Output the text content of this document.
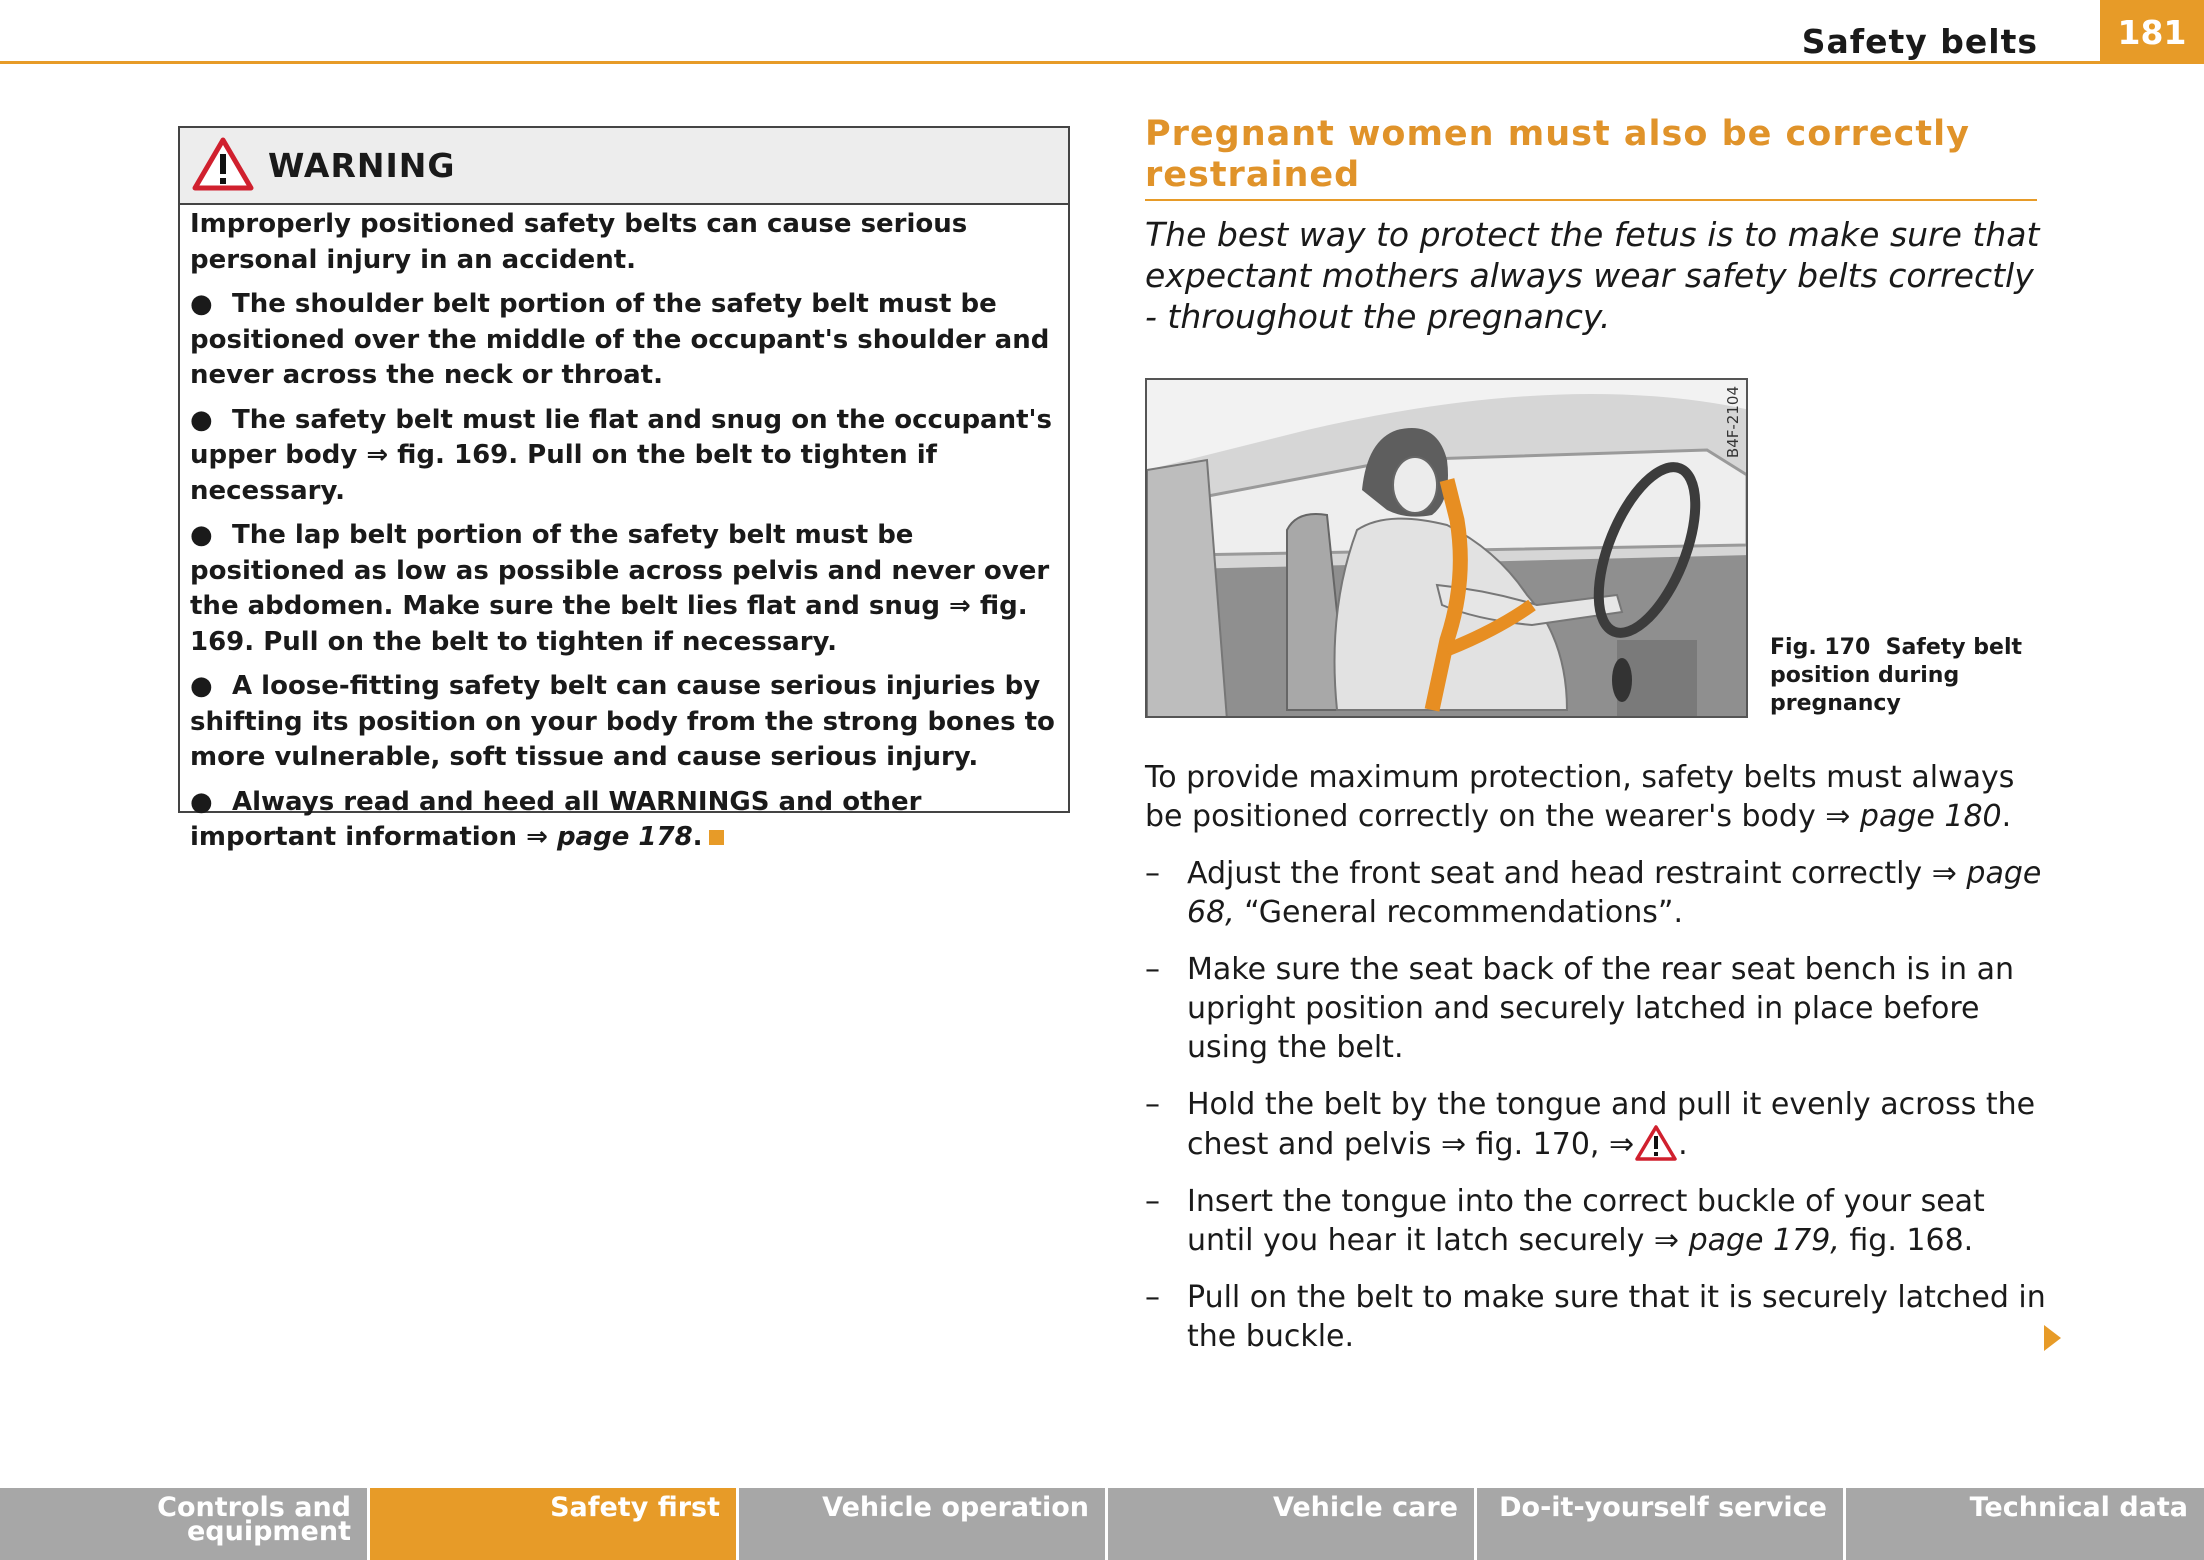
Safety belts	181
WARNING

Improperly positioned safety belts can cause serious personal injury in an accident.

● The shoulder belt portion of the safety belt must be positioned over the middle of the occupant's shoulder and never across the neck or throat.

● The safety belt must lie flat and snug on the occupant's upper body ⇒ fig. 169. Pull on the belt to tighten if necessary.

● The lap belt portion of the safety belt must be positioned as low as possible across pelvis and never over the abdomen. Make sure the belt lies flat and snug ⇒ fig. 169. Pull on the belt to tighten if necessary.

● A loose-fitting safety belt can cause serious injuries by shifting its position on your body from the strong bones to more vulnerable, soft tissue and cause serious injury.

● Always read and heed all WARNINGS and other important information ⇒ page 178.

Pregnant women must also be correctly restrained
The best way to protect the fetus is to make sure that expectant mothers always wear safety belts correctly - throughout the pregnancy.
B4F-2104
Fig. 170 Safety belt position during pregnancy

To provide maximum protection, safety belts must always be positioned correctly on the wearer's body ⇒ page 180.

– Adjust the front seat and head restraint correctly ⇒ page 68, “General recommendations”.
– Make sure the seat back of the rear seat bench is in an upright position and securely latched in place before using the belt.
– Hold the belt by the tongue and pull it evenly across the chest and pelvis ⇒ fig. 170, ⇒ .
– Insert the tongue into the correct buckle of your seat until you hear it latch securely ⇒ page 179, fig. 168.
– Pull on the belt to make sure that it is securely latched in the buckle.
Controls and equipment
Safety first	Vehicle operation	Vehicle care	Do-it-yourself service	Technical data
